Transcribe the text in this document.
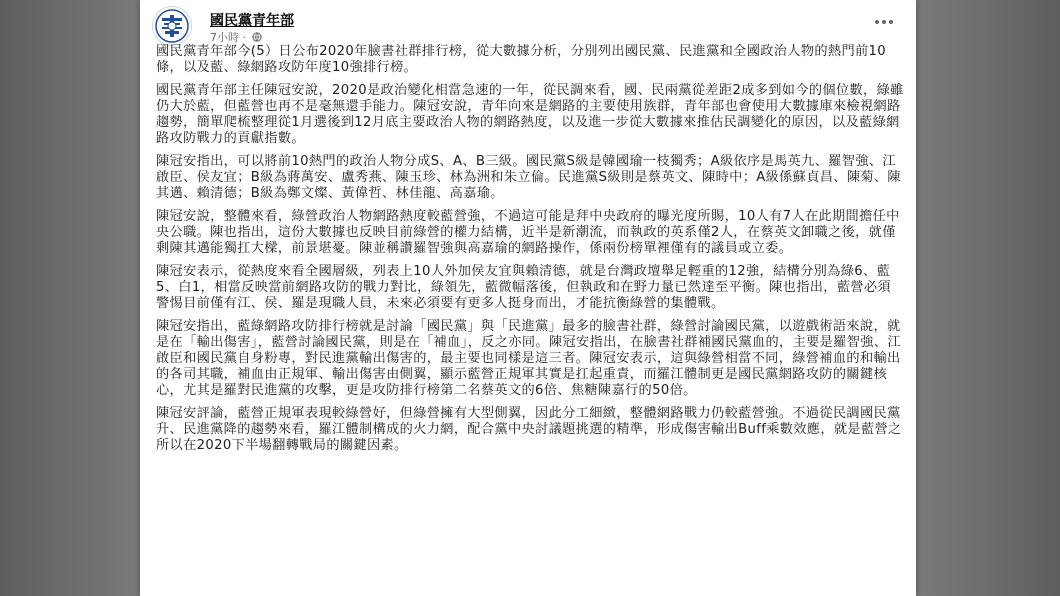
國民黨青年部
7小時 ·

國民黨青年部今(5）日公布2020年臉書社群排行榜，從大數據分析，分別列出國民黨、民進黨和全國政治人物的熱門前10條，以及藍、綠網路攻防年度10強排行榜。

國民黨青年部主任陳冠安說，2020是政治變化相當急速的一年，從民調來看，國、民兩黨從差距2成多到如今的個位數，綠雖仍大於藍，但藍營也再不是毫無還手能力。陳冠安說，青年向來是網路的主要使用族群，青年部也會使用大數據庫來檢視網路趨勢，簡單爬梳整理從1月選後到12月底主要政治人物的網路熱度，以及進一步從大數據來推估民調變化的原因，以及藍綠網路攻防戰力的貢獻指數。

陳冠安指出，可以將前10熱門的政治人物分成S、A、B三級。國民黨S級是韓國瑜一枝獨秀；A級依序是馬英九、羅智強、江啟臣、侯友宜；B級為蔣萬安、盧秀燕、陳玉珍、林為洲和朱立倫。民進黨S級則是蔡英文、陳時中；A級係蘇貞昌、陳菊、陳其邁、賴清德；B級為鄭文燦、黃偉哲、林佳龍、高嘉瑜。

陳冠安說，整體來看，綠營政治人物網路熱度較藍營強，不過這可能是拜中央政府的曝光度所賜，10人有7人在此期間擔任中央公職。陳也指出，這份大數據也反映目前綠營的權力結構，近半是新潮流，而執政的英系僅2人，在蔡英文卸職之後，就僅剩陳其邁能獨扛大樑，前景堪憂。陳並稱讚羅智強與高嘉瑜的網路操作，係兩份榜單裡僅有的議員或立委。

陳冠安表示，從熱度來看全國層級，列表上10人外加侯友宜與賴清德，就是台灣政壇舉足輕重的12強，結構分別為綠6、藍5、白1，相當反映當前網路攻防的戰力對比，綠領先，藍微幅落後，但執政和在野力量已然達至平衡。陳也指出，藍營必須警惕目前僅有江、侯、羅是現職人員，未來必須要有更多人挺身而出，才能抗衡綠營的集體戰。

陳冠安指出，藍綠網路攻防排行榜就是討論「國民黨」與「民進黨」最多的臉書社群，綠營討論國民黨，以遊戲術語來說，就是在「輸出傷害」，藍營討論國民黨，則是在「補血」，反之亦同。陳冠安指出，在臉書社群補國民黨血的，主要是羅智強、江啟臣和國民黨自身粉專，對民進黨輸出傷害的，最主要也同樣是這三者。陳冠安表示，這與綠營相當不同，綠營補血的和輸出的各司其職，補血由正規軍、輸出傷害由側翼，顯示藍營正規軍其實是扛起重責，而羅江體制更是國民黨網路攻防的關鍵核心，尤其是羅對民進黨的攻擊，更是攻防排行榜第二名蔡英文的6倍、焦糖陳嘉行的50倍。

陳冠安評論，藍營正規軍表現較綠營好，但綠營擁有大型側翼，因此分工細緻，整體網路戰力仍較藍營強。不過從民調國民黨升、民進黨降的趨勢來看，羅江體制構成的火力網，配合黨中央討議題挑選的精準，形成傷害輸出Buff乘數效應，就是藍營之所以在2020下半場翻轉戰局的關鍵因素。
